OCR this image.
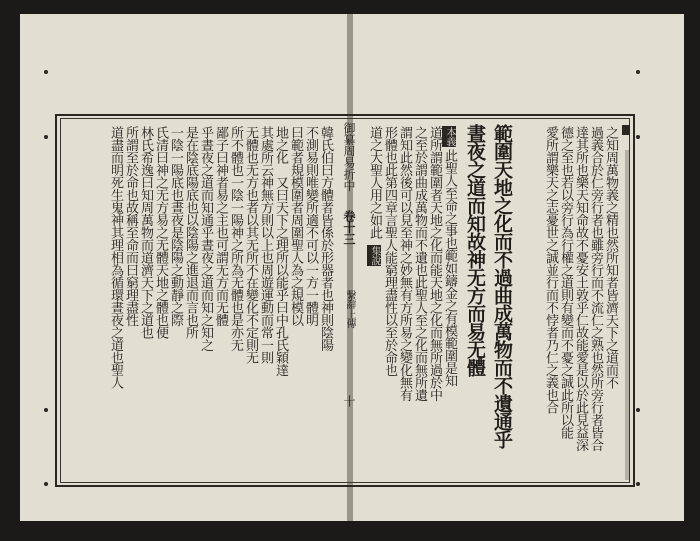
範圍天地之化而不過曲成萬物而不遺通乎
晝夜之道而知故神无方而易无體	之知周萬物義之精也然所知者皆濟天下之道而不
過義合於仁旁行者也雖旁行而不流仁之熟也然所旁行者皆合
達其所也樂天知命故不憂安土敦乎仁故能愛是以於此見益深
德之至也若以旁行為行權之道則有變而不憂之誠此所以能
愛所謂樂天之志憂世之誠並行而不悖者乃仁之義也合
本義此聖人至命之事也範如鑄金之有模範圍是知
道所謂範圍者天地之化而能天地之化而無所過於中
之至於謂曲成萬物而不遺也此聖人至之化而無所遺
謂知此然後可以見至神之妙無有方所易之變化無有
形體也此第四章言聖人能窮理盡性以至於命也
道之大聖人用之如此集說
御纂周易折中
卷十三
十
繫辭上傳
韓氏伯曰方體者皆係於形器者也神則陰陽
不測易則唯變所適不可以一方一體明
曰範者規模圍者周圍聖人為之規模以
地之化　又曰天下之理所以能乎曰中孔氏穎達
其處所云神無方則以上也周遊運動而常一則
无體也无方也者以其无所不在變化不定則无
所不體也一陰一陽神之所為无體也是亦无
鄙子曰神者易之主也可謂无方而无體
乎晝夜之道而知通乎晝夜之道而知之知之
是在陰底陽底也以陰陽之進退而言也所
一陰一陽底也晝夜是陰陽之動靜之際
氏清曰神之无方易之无體天地之體也便
林氏希逸曰知周萬物而道濟天下之道也
所謂至於命也故稱至命而曰窮理盡性
道盡而明死生鬼神其理相為循環晝夜之道也聖人
